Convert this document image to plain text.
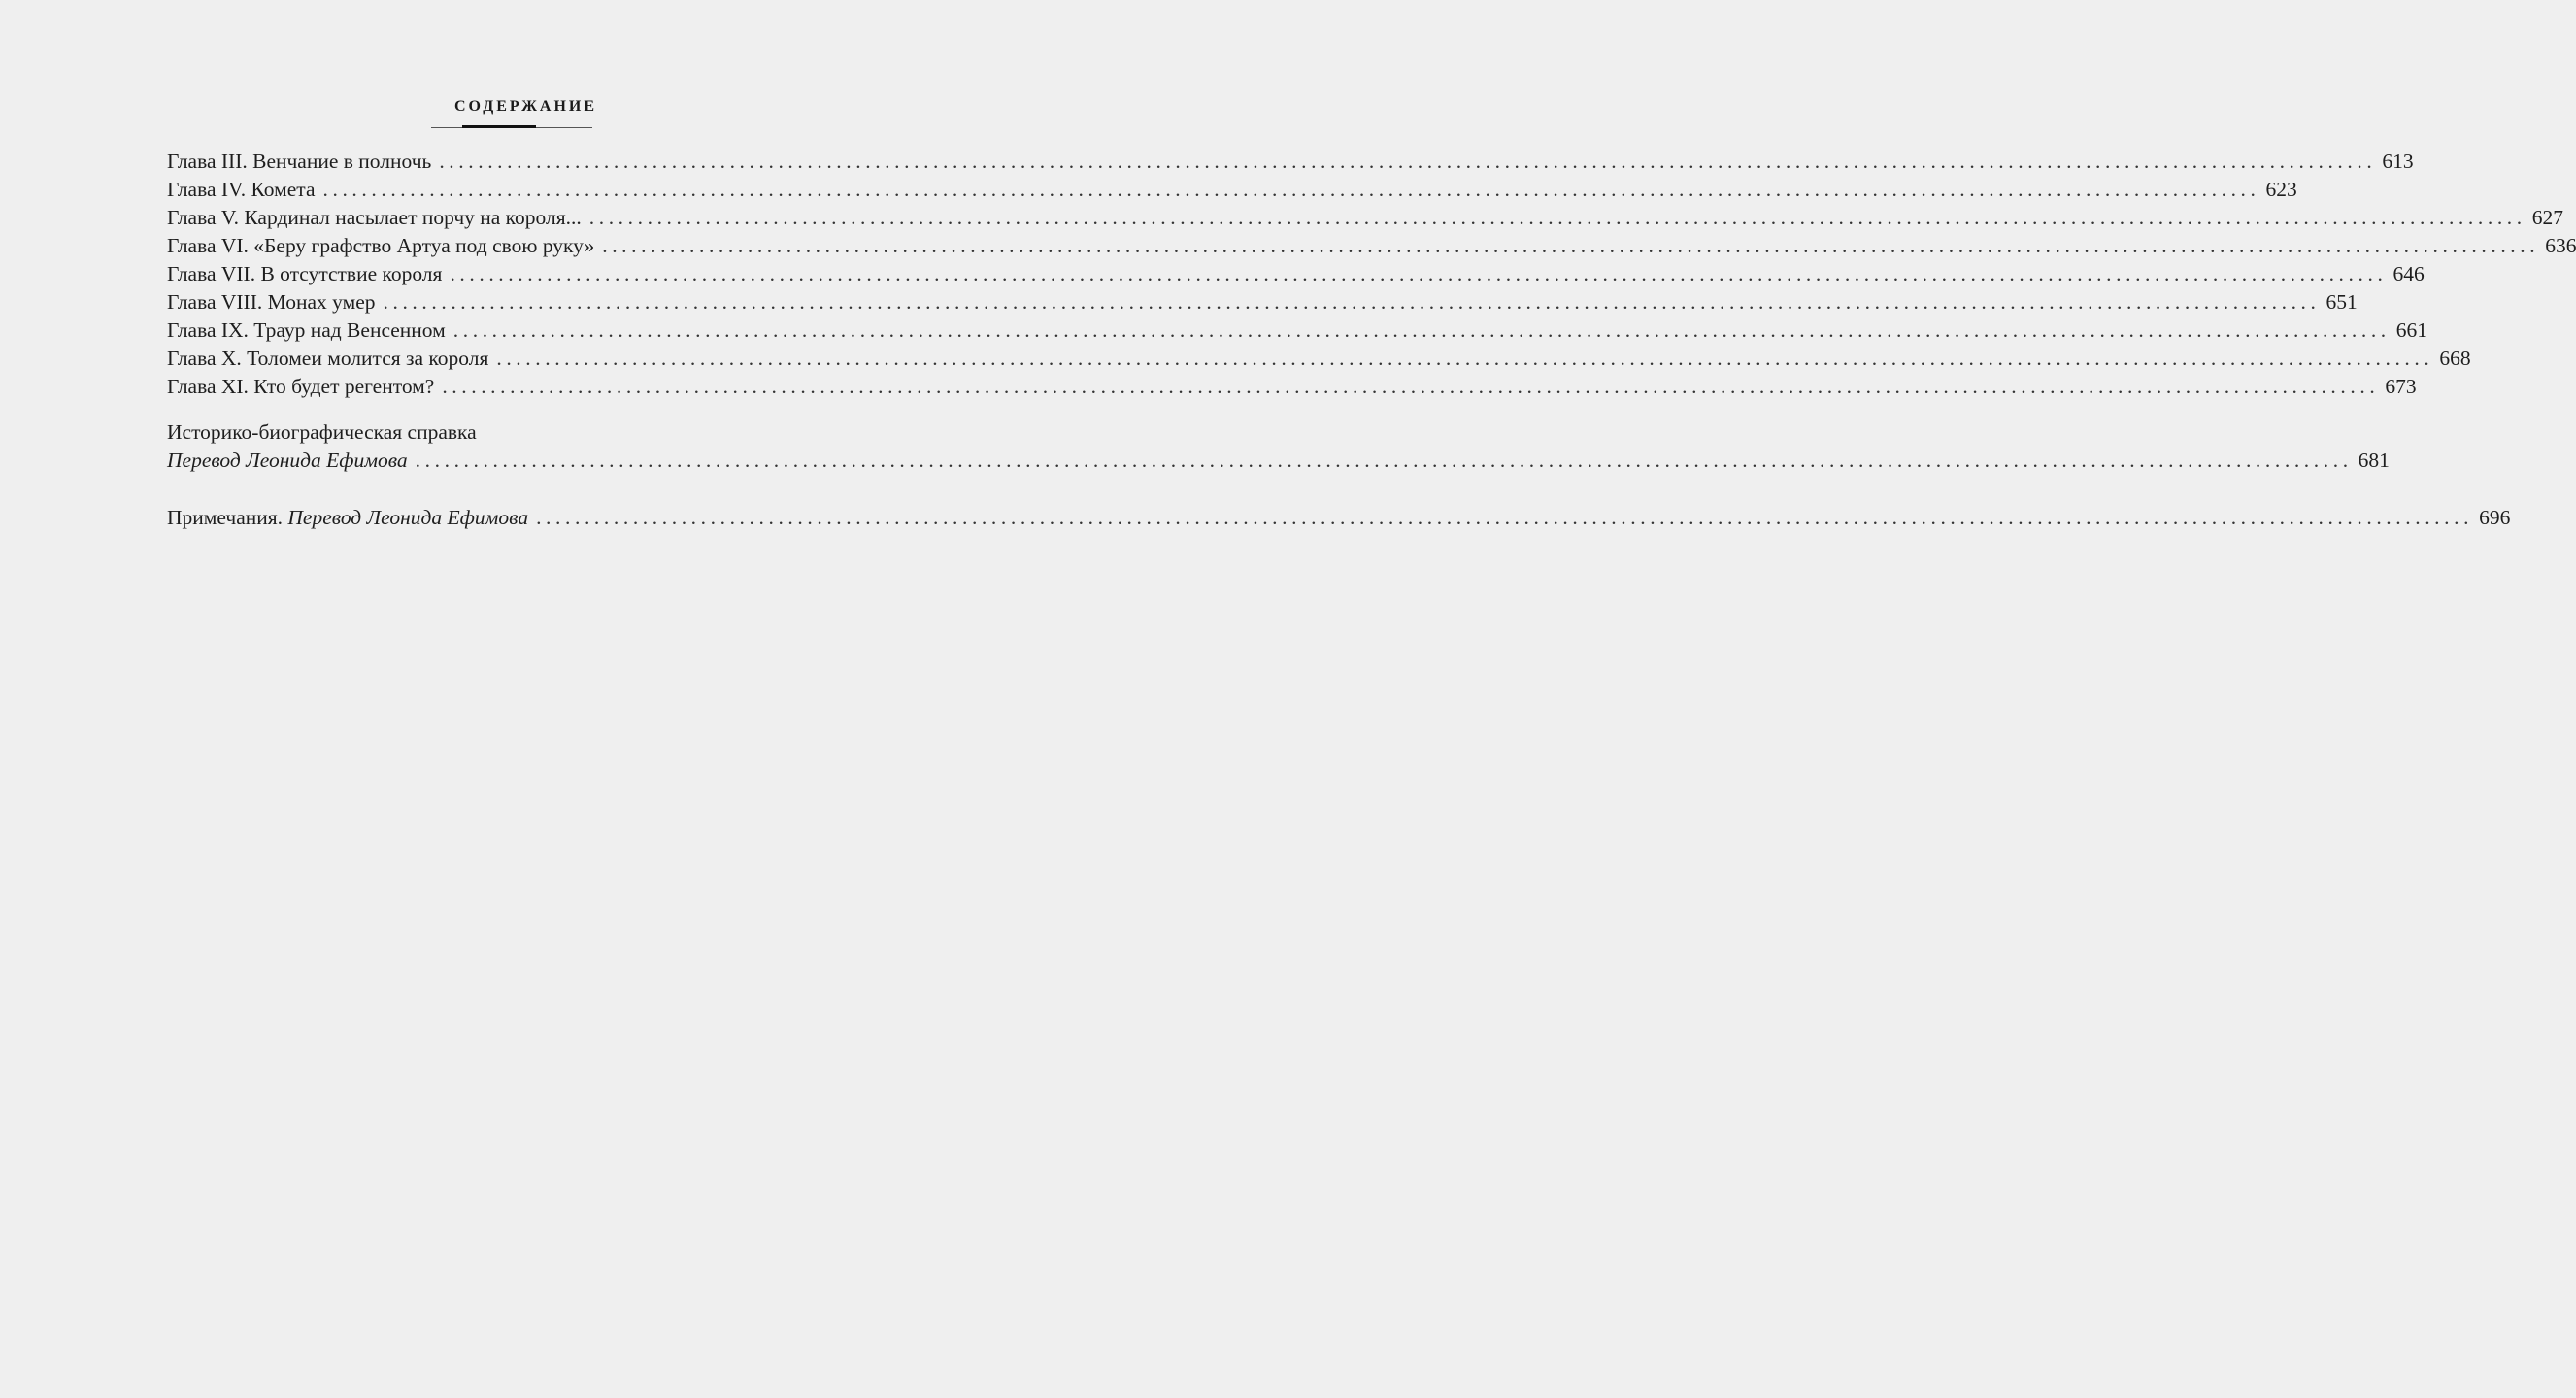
СОДЕРЖАНИЕ
Глава III. Венчание в полночь ........................................................................................................................................................................................................ 613
Глава IV. Комета ........................................................................................................................................................................................................ 623
Глава V. Кардинал насылает порчу на короля... ........................................................................................................................................................................................................ 627
Глава VI. «Беру графство Артуа под свою руку» ........................................................................................................................................................................................................ 636
Глава VII. В отсутствие короля ........................................................................................................................................................................................................ 646
Глава VIII. Монах умер ........................................................................................................................................................................................................ 651
Глава IX. Траур над Венсенном ........................................................................................................................................................................................................ 661
Глава X. Толомеи молится за короля ........................................................................................................................................................................................................ 668
Глава XI. Кто будет регентом? ........................................................................................................................................................................................................ 673
Историко-биографическая справка
Перевод Леонида Ефимова ........................................................................................................................................................................................................ 681
Примечания. Перевод Леонида Ефимова ........................................................................................................................................................................................................ 696
